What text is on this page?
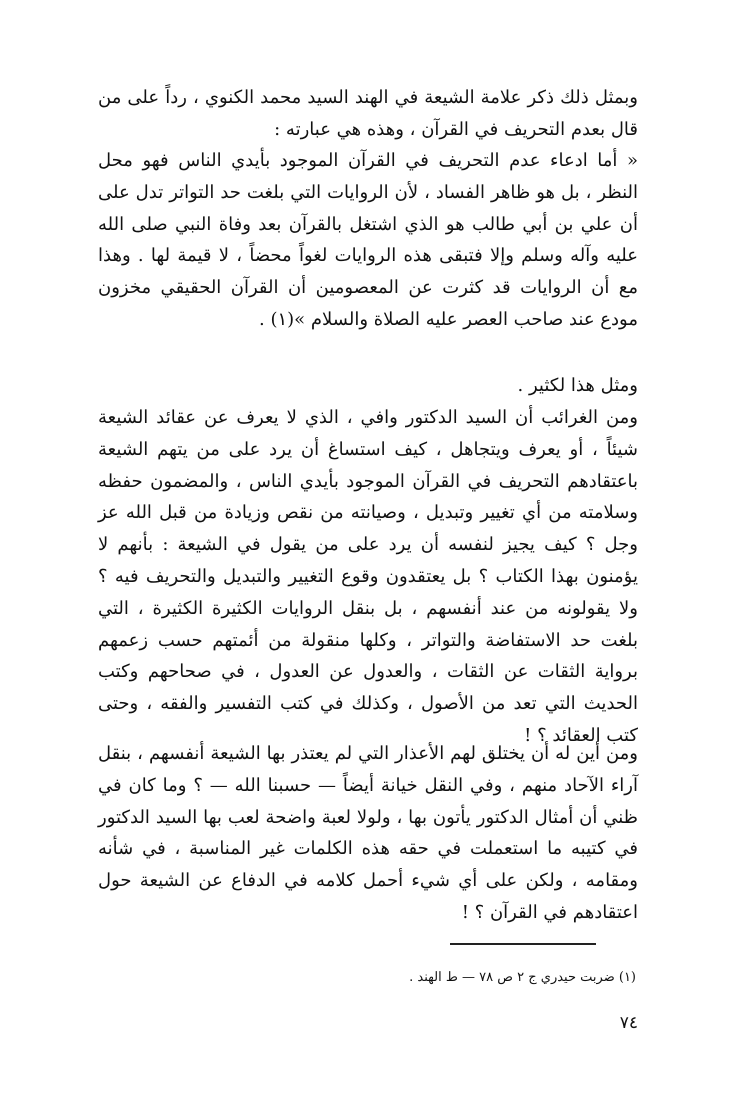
وبمثل ذلك ذكر علامة الشيعة في الهند السيد محمد الكنوي ، رداً على من قال بعدم التحريف في القرآن ، وهذه هي عبارته :

« أما ادعاء عدم التحريف في القرآن الموجود بأيدي الناس فهو محل النظر ، بل هو ظاهر الفساد ، لأن الروايات التي بلغت حد التواتر تدل على أن علي بن أبي طالب هو الذي اشتغل بالقرآن بعد وفاة النبي صلى الله عليه وآله وسلم وإلا فتبقى هذه الروايات لغواً محضاً ، لا قيمة لها . وهذا مع أن الروايات قد كثرت عن المعصومين أن القرآن الحقيقي مخزون مودع عند صاحب العصر عليه الصلاة والسلام »(١) .

ومثل هذا لكثير .

ومن الغرائب أن السيد الدكتور وافي ، الذي لا يعرف عن عقائد الشيعة شيئاً ، أو يعرف ويتجاهل ، كيف استساغ أن يرد على من يتهم الشيعة باعتقادهم التحريف في القرآن الموجود بأيدي الناس ، والمضمون حفظه وسلامته من أي تغيير وتبديل ، وصيانته من نقص وزيادة من قبل الله عز وجل ؟ كيف يجيز لنفسه أن يرد على من يقول في الشيعة : بأنهم لا يؤمنون بهذا الكتاب ؟ بل يعتقدون وقوع التغيير والتبديل والتحريف فيه ؟ ولا يقولونه من عند أنفسهم ، بل بنقل الروايات الكثيرة الكثيرة ، التي بلغت حد الاستفاضة والتواتر ، وكلها منقولة من أئمتهم حسب زعمهم برواية الثقات عن الثقات ، والعدول عن العدول ، في صحاحهم وكتب الحديث التي تعد من الأصول ، وكذلك في كتب التفسير والفقه ، وحتى كتب العقائد ؟ !

ومن أين له أن يختلق لهم الأعذار التي لم يعتذر بها الشيعة أنفسهم ، بنقل آراء الآحاد منهم ، وفي النقل خيانة أيضاً — حسبنا الله — ؟ وما كان في ظني أن أمثال الدكتور يأتون بها ، ولولا لعبة واضحة لعب بها السيد الدكتور في كتيبه ما استعملت في حقه هذه الكلمات غير المناسبة ، في شأنه ومقامه ، ولكن على أي شيء أحمل كلامه في الدفاع عن الشيعة حول اعتقادهم في القرآن ؟ !

(١) ضربت حيدري ج ٢ ص ٧٨ — ط الهند .
٧٤
